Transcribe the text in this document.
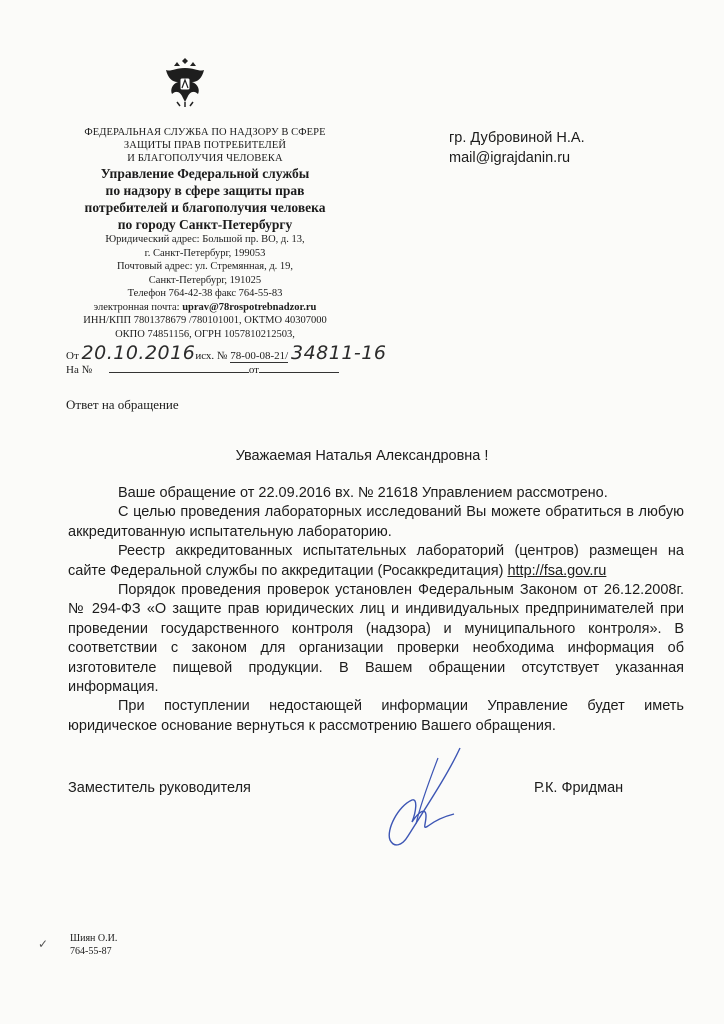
ФЕДЕРАЛЬНАЯ СЛУЖБА ПО НАДЗОРУ В СФЕРЕ
ЗАЩИТЫ ПРАВ ПОТРЕБИТЕЛЕЙ
И БЛАГОПОЛУЧИЯ ЧЕЛОВЕКА
Управление Федеральной службы
по надзору в сфере защиты прав
потребителей и благополучия человека
по городу Санкт-Петербургу
Юридический адрес: Большой пр. ВО, д. 13,
г. Санкт-Петербург, 199053
Почтовый адрес: ул. Стремянная, д. 19,
Санкт-Петербург, 191025
Телефон 764-42-38 факс 764-55-83
электронная почта: uprav@78rospotrebnadzor.ru
ИНН/КПП 7801378679 /780101001, ОКТМО 40307000
ОКПО 74851156, ОГРН 1057810212503,
гр. Дубровиной Н.А.
mail@igrajdanin.ru
От 20.10.2016исх. № 78-00-08-21/ 34811-16
На №	от
Ответ на обращение
Уважаемая Наталья Александровна !

Ваше обращение от 22.09.2016 вх. № 21618 Управлением рассмотрено.

С целью проведения лабораторных исследований Вы можете обратиться в любую аккредитованную испытательную лабораторию.

Реестр аккредитованных испытательных лабораторий (центров) размещен на сайте Федеральной службы по аккредитации (Росаккредитация) http://fsa.gov.ru

Порядок проведения проверок установлен Федеральным Законом от 26.12.2008г. № 294-ФЗ «О защите прав юридических лиц и индивидуальных предпринимателей при проведении государственного контроля (надзора) и муниципального контроля». В соответствии с законом для организации проверки необходима информация об изготовителе пищевой продукции. В Вашем обращении отсутствует указанная информация.

При поступлении недостающей информации Управление будет иметь юридическое основание вернуться к рассмотрению Вашего обращения.

Заместитель руководителя	Р.К. Фридман
✓ Шиян О.И.
764-55-87
